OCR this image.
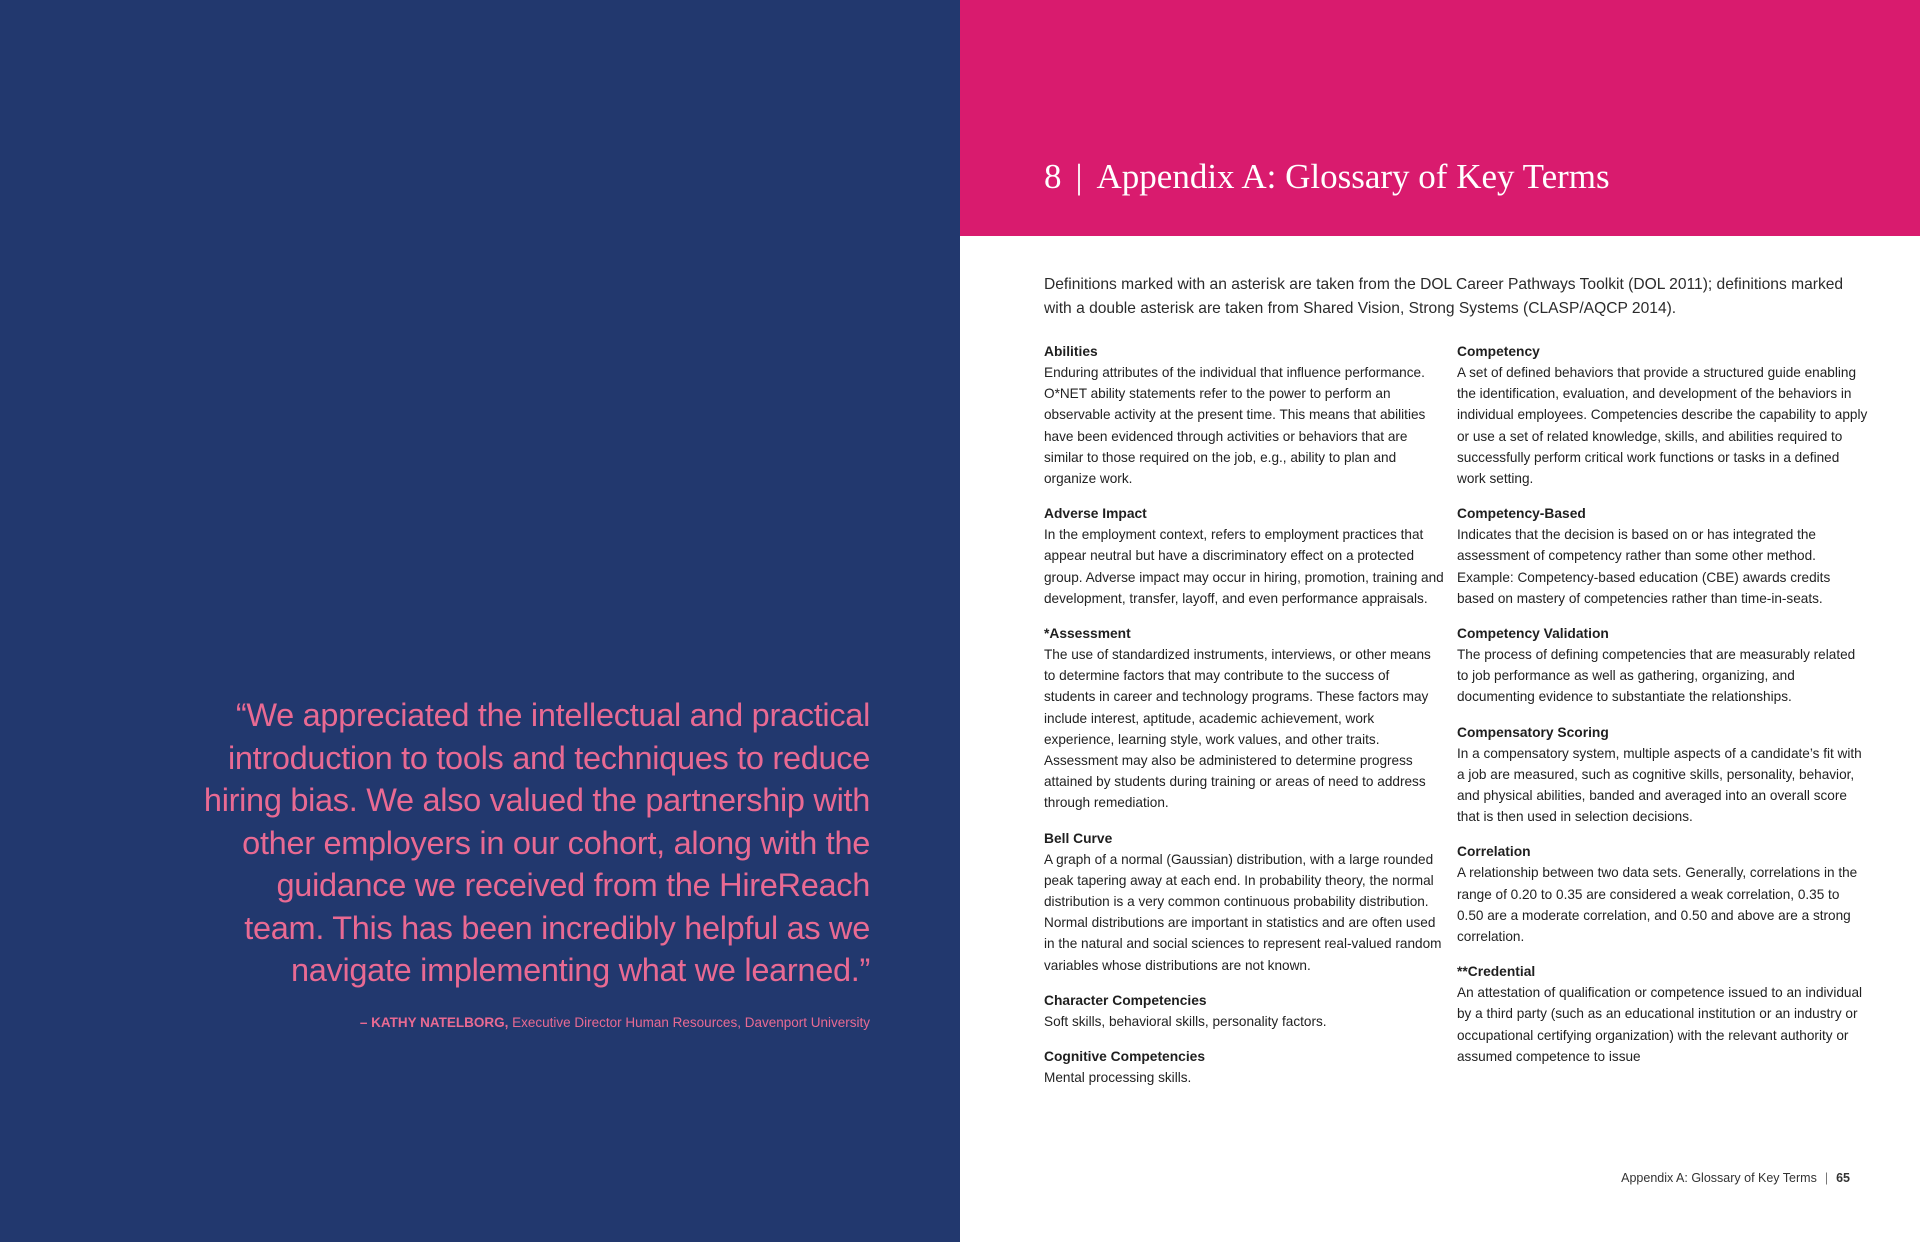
“We appreciated the intellectual and practical introduction to tools and techniques to reduce hiring bias. We also valued the partnership with other employers in our cohort, along with the guidance we received from the HireReach team. This has been incredibly helpful as we navigate implementing what we learned.”

– KATHY NATELBORG, Executive Director Human Resources, Davenport University
8 | Appendix A: Glossary of Key Terms
Definitions marked with an asterisk are taken from the DOL Career Pathways Toolkit (DOL 2011); definitions marked with a double asterisk are taken from Shared Vision, Strong Systems (CLASP/AQCP 2014).
Abilities

Enduring attributes of the individual that influence performance. O*NET ability statements refer to the power to perform an observable activity at the present time. This means that abilities have been evidenced through activities or behaviors that are similar to those required on the job, e.g., ability to plan and organize work.

Adverse Impact

In the employment context, refers to employment practices that appear neutral but have a discriminatory effect on a protected group. Adverse impact may occur in hiring, promotion, training and development, transfer, layoff, and even performance appraisals.

*Assessment

The use of standardized instruments, interviews, or other means to determine factors that may contribute to the success of students in career and technology programs. These factors may include interest, aptitude, academic achievement, work experience, learning style, work values, and other traits. Assessment may also be administered to determine progress attained by students during training or areas of need to address through remediation.

Bell Curve

A graph of a normal (Gaussian) distribution, with a large rounded peak tapering away at each end. In probability theory, the normal distribution is a very common continuous probability distribution. Normal distributions are important in statistics and are often used in the natural and social sciences to represent real-valued random variables whose distributions are not known.

Character Competencies

Soft skills, behavioral skills, personality factors.

Cognitive Competencies

Mental processing skills.

Competency

A set of defined behaviors that provide a structured guide enabling the identification, evaluation, and development of the behaviors in individual employees. Competencies describe the capability to apply or use a set of related knowledge, skills, and abilities required to successfully perform critical work functions or tasks in a defined work setting.

Competency-Based

Indicates that the decision is based on or has integrated the assessment of competency rather than some other method. Example: Competency-based education (CBE) awards credits based on mastery of competencies rather than time-in-seats.

Competency Validation

The process of defining competencies that are measurably related to job performance as well as gathering, organizing, and documenting evidence to substantiate the relationships.

Compensatory Scoring

In a compensatory system, multiple aspects of a candidate’s fit with a job are measured, such as cognitive skills, personality, behavior, and physical abilities, banded and averaged into an overall score that is then used in selection decisions.

Correlation

A relationship between two data sets. Generally, correlations in the range of 0.20 to 0.35 are considered a weak correlation, 0.35 to 0.50 are a moderate correlation, and 0.50 and above are a strong correlation.

**Credential

An attestation of qualification or competence issued to an individual by a third party (such as an educational institution or an industry or occupational certifying organization) with the relevant authority or assumed competence to issue

Appendix A: Glossary of Key Terms | 65
